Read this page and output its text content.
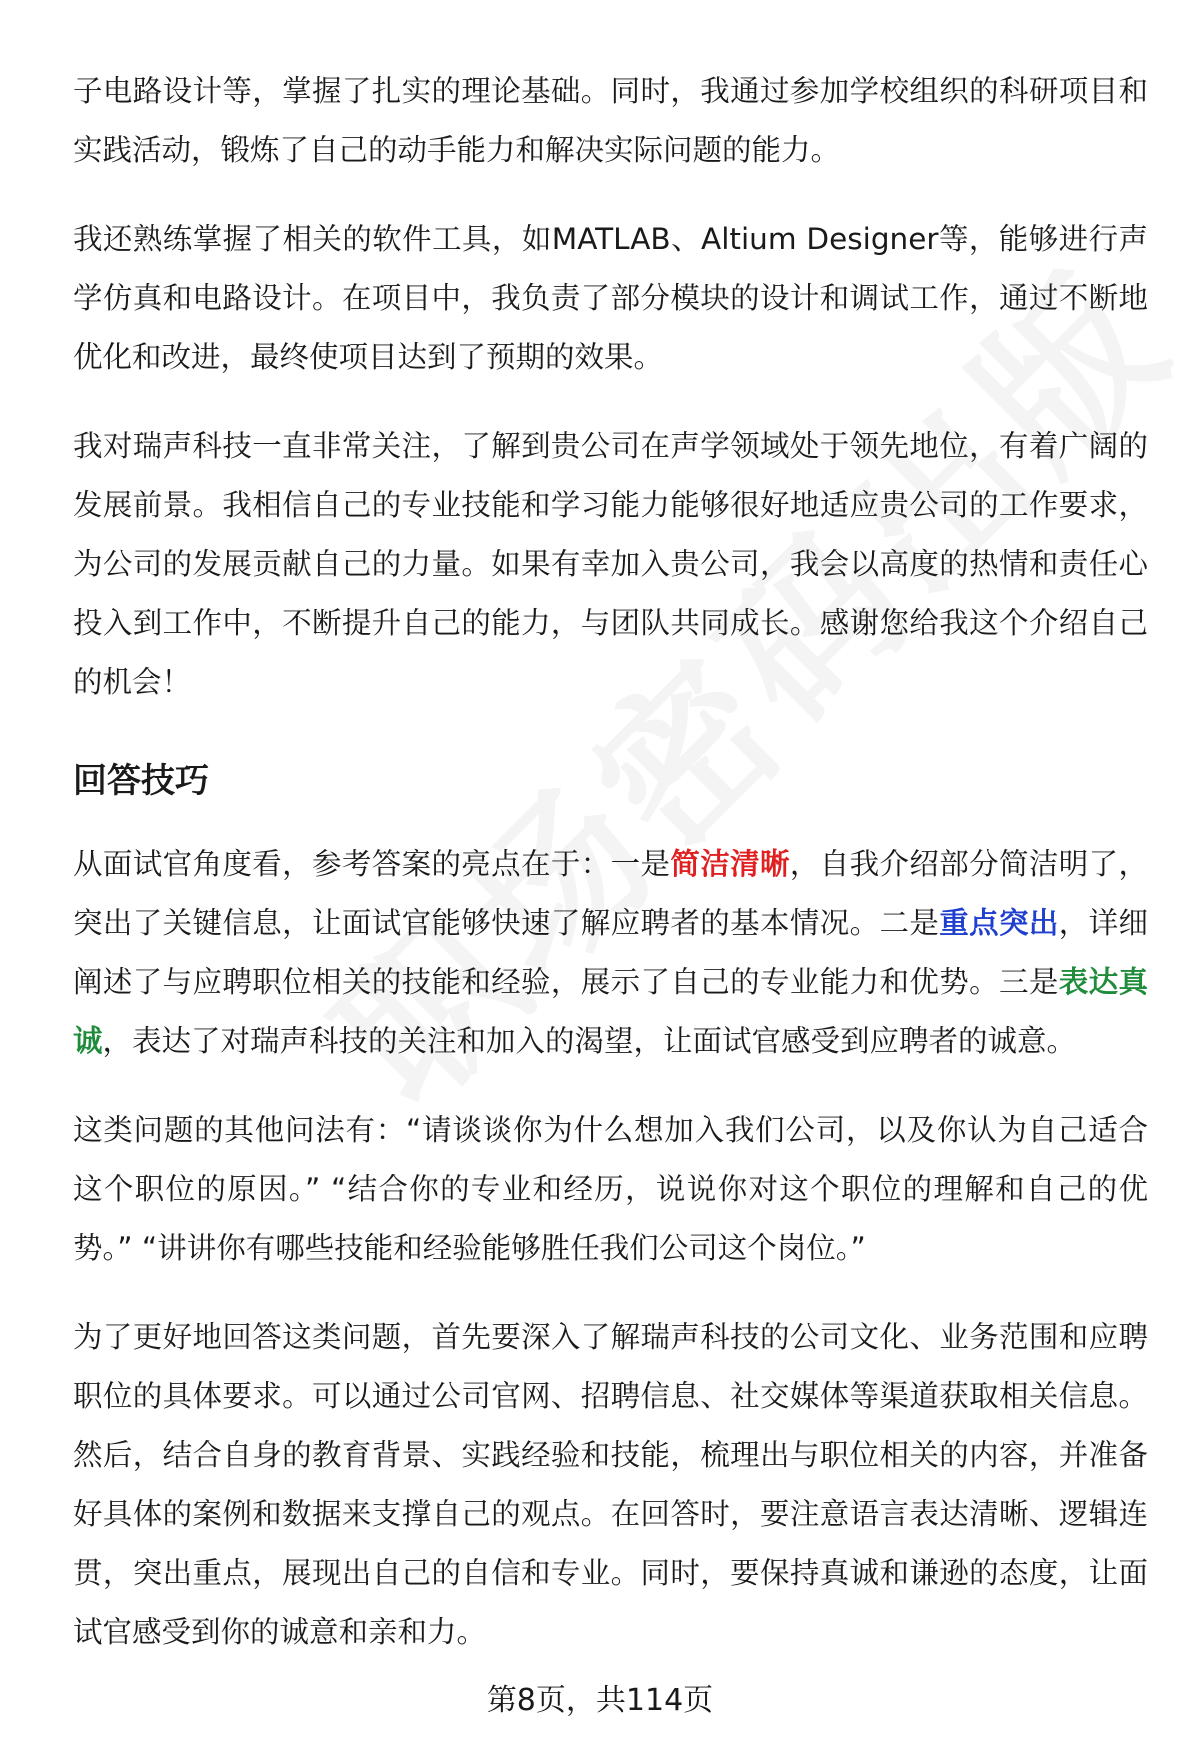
子电路设计等，掌握了扎实的理论基础。同时，我通过参加学校组织的科研项目和实践活动，锻炼了自己的动手能力和解决实际问题的能力。

我还熟练掌握了相关的软件工具，如MATLAB、Altium Designer等，能够进行声学仿真和电路设计。在项目中，我负责了部分模块的设计和调试工作，通过不断地优化和改进，最终使项目达到了预期的效果。

我对瑞声科技一直非常关注，了解到贵公司在声学领域处于领先地位，有着广阔的发展前景。我相信自己的专业技能和学习能力能够很好地适应贵公司的工作要求，为公司的发展贡献自己的力量。如果有幸加入贵公司，我会以高度的热情和责任心投入到工作中，不断提升自己的能力，与团队共同成长。感谢您给我这个介绍自己的机会！

回答技巧

从面试官角度看，参考答案的亮点在于：一是简洁清晰，自我介绍部分简洁明了，突出了关键信息，让面试官能够快速了解应聘者的基本情况。二是重点突出，详细阐述了与应聘职位相关的技能和经验，展示了自己的专业能力和优势。三是表达真诚，表达了对瑞声科技的关注和加入的渴望，让面试官感受到应聘者的诚意。

这类问题的其他问法有：“请谈谈你为什么想加入我们公司，以及你认为自己适合这个职位的原因。” “结合你的专业和经历，说说你对这个职位的理解和自己的优势。” “讲讲你有哪些技能和经验能够胜任我们公司这个岗位。”

为了更好地回答这类问题，首先要深入了解瑞声科技的公司文化、业务范围和应聘职位的具体要求。可以通过公司官网、招聘信息、社交媒体等渠道获取相关信息。然后，结合自身的教育背景、实践经验和技能，梳理出与职位相关的内容，并准备好具体的案例和数据来支撑自己的观点。在回答时，要注意语言表达清晰、逻辑连贯，突出重点，展现出自己的自信和专业。同时，要保持真诚和谦逊的态度，让面试官感受到你的诚意和亲和力。

第8页，共114页
